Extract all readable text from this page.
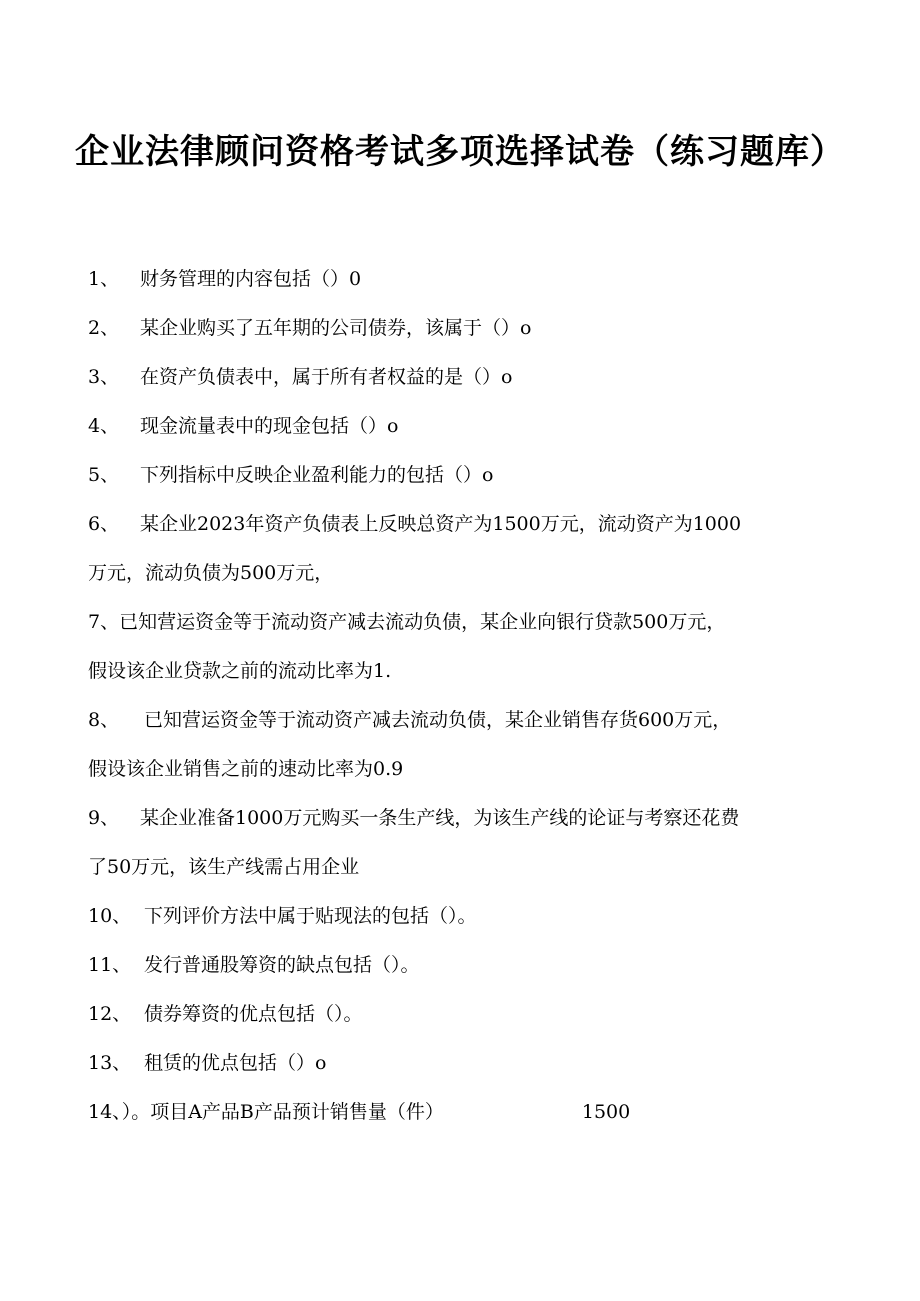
企业法律顾问资格考试多项选择试卷（练习题库）
1、 财务管理的内容包括（）0
2、 某企业购买了五年期的公司债券，该属于（）o
3、 在资产负债表中，属于所有者权益的是（）o
4、 现金流量表中的现金包括（）o
5、 下列指标中反映企业盈利能力的包括（）o
6、 某企业2023年资产负债表上反映总资产为1500万元，流动资产为1000
万元，流动负债为500万元，
7、已知营运资金等于流动资产减去流动负债，某企业向银行贷款500万元，
假设该企业贷款之前的流动比率为1.
8、 已知营运资金等于流动资产减去流动负债，某企业销售存货600万元，
假设该企业销售之前的速动比率为0.9
9、 某企业准备1000万元购买一条生产线，为该生产线的论证与考察还花费
了50万元，该生产线需占用企业
10、 下列评价方法中属于贴现法的包括（）。
11、 发行普通股筹资的缺点包括（）。
12、 债券筹资的优点包括（）。
13、 租赁的优点包括（）o
14、）。项目A产品B产品预计销售量（件）	1500
